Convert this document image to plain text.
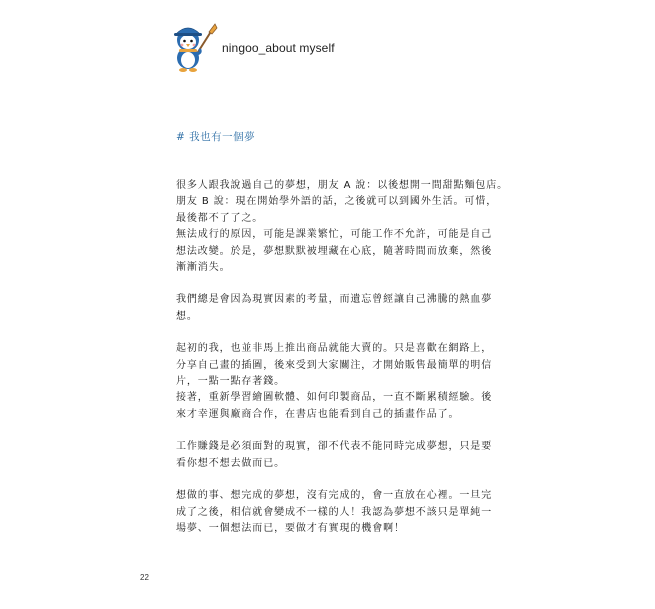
ningoo_about myself
# 我也有一個夢
很多人跟我說過自己的夢想，朋友 A 說：以後想開一間甜點麵包店。
朋友 B 說：現在開始學外語的話，之後就可以到國外生活。可惜，
最後都不了了之。
無法成行的原因，可能是課業繁忙，可能工作不允許，可能是自己
想法改變。於是，夢想默默被埋藏在心底，隨著時間而放棄，然後
漸漸消失。
我們總是會因為現實因素的考量，而遺忘曾經讓自己沸騰的熱血夢
想。
起初的我，也並非馬上推出商品就能大賣的。只是喜歡在網路上，
分享自己畫的插圖，後來受到大家關注，才開始販售最簡單的明信
片，一點一點存著錢。
接著，重新學習繪圖軟體、如何印製商品，一直不斷累積經驗。後
來才幸運與廠商合作，在書店也能看到自己的插畫作品了。
工作賺錢是必須面對的現實，卻不代表不能同時完成夢想，只是要
看你想不想去做而已。
想做的事、想完成的夢想，沒有完成的，會一直放在心裡。一旦完
成了之後，相信就會變成不一樣的人！我認為夢想不該只是單純一
場夢、一個想法而已，要做才有實現的機會啊！
22
